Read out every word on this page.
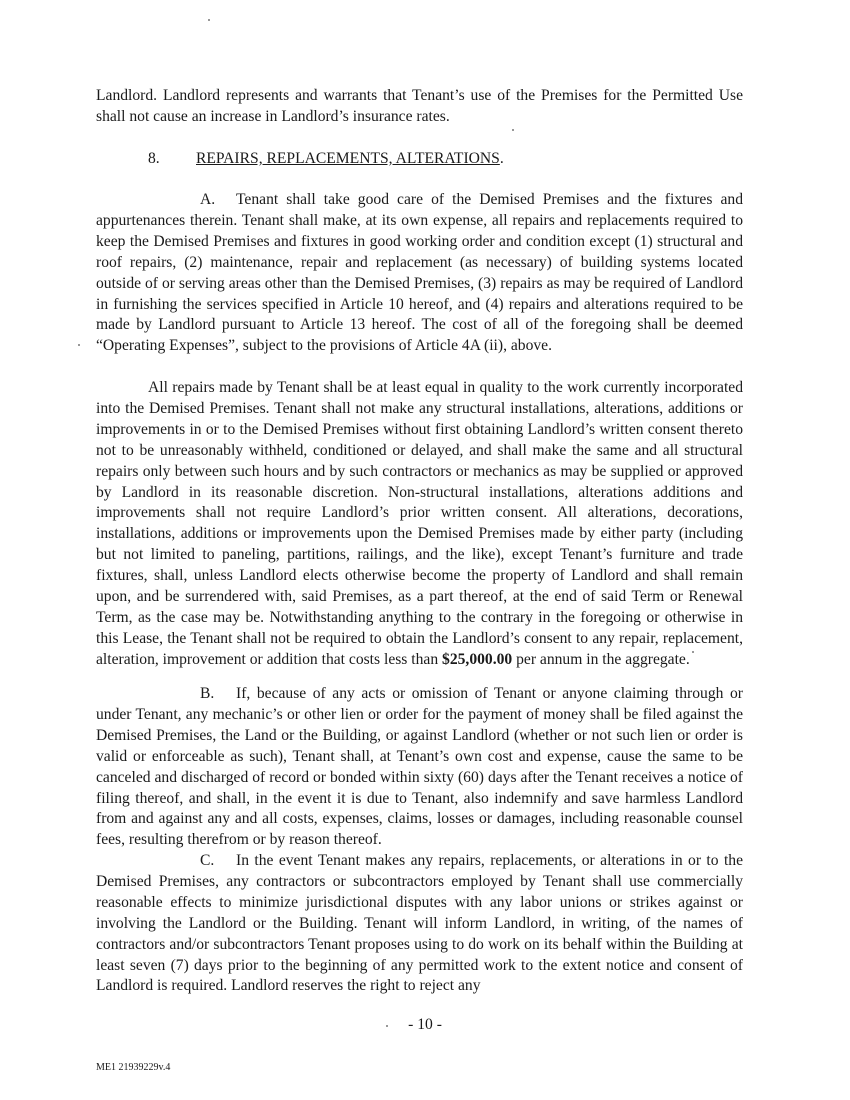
Landlord. Landlord represents and warrants that Tenant’s use of the Premises for the Permitted Use shall not cause an increase in Landlord’s insurance rates.

8. REPAIRS, REPLACEMENTS, ALTERATIONS.

A. Tenant shall take good care of the Demised Premises and the fixtures and appurtenances therein. Tenant shall make, at its own expense, all repairs and replacements required to keep the Demised Premises and fixtures in good working order and condition except (1) structural and roof repairs, (2) maintenance, repair and replacement (as necessary) of building systems located outside of or serving areas other than the Demised Premises, (3) repairs as may be required of Landlord in furnishing the services specified in Article 10 hereof, and (4) repairs and alterations required to be made by Landlord pursuant to Article 13 hereof. The cost of all of the foregoing shall be deemed “Operating Expenses”, subject to the provisions of Article 4A (ii), above.

All repairs made by Tenant shall be at least equal in quality to the work currently incorporated into the Demised Premises. Tenant shall not make any structural installations, alterations, additions or improvements in or to the Demised Premises without first obtaining Landlord’s written consent thereto not to be unreasonably withheld, conditioned or delayed, and shall make the same and all structural repairs only between such hours and by such contractors or mechanics as may be supplied or approved by Landlord in its reasonable discretion. Non-structural installations, alterations additions and improvements shall not require Landlord’s prior written consent. All alterations, decorations, installations, additions or improvements upon the Demised Premises made by either party (including but not limited to paneling, partitions, railings, and the like), except Tenant’s furniture and trade fixtures, shall, unless Landlord elects otherwise become the property of Landlord and shall remain upon, and be surrendered with, said Premises, as a part thereof, at the end of said Term or Renewal Term, as the case may be. Notwithstanding anything to the contrary in the foregoing or otherwise in this Lease, the Tenant shall not be required to obtain the Landlord’s consent to any repair, replacement, alteration, improvement or addition that costs less than $25,000.00 per annum in the aggregate.

B. If, because of any acts or omission of Tenant or anyone claiming through or under Tenant, any mechanic’s or other lien or order for the payment of money shall be filed against the Demised Premises, the Land or the Building, or against Landlord (whether or not such lien or order is valid or enforceable as such), Tenant shall, at Tenant’s own cost and expense, cause the same to be canceled and discharged of record or bonded within sixty (60) days after the Tenant receives a notice of filing thereof, and shall, in the event it is due to Tenant, also indemnify and save harmless Landlord from and against any and all costs, expenses, claims, losses or damages, including reasonable counsel fees, resulting therefrom or by reason thereof.

C. In the event Tenant makes any repairs, replacements, or alterations in or to the Demised Premises, any contractors or subcontractors employed by Tenant shall use commercially reasonable effects to minimize jurisdictional disputes with any labor unions or strikes against or involving the Landlord or the Building. Tenant will inform Landlord, in writing, of the names of contractors and/or subcontractors Tenant proposes using to do work on its behalf within the Building at least seven (7) days prior to the beginning of any permitted work to the extent notice and consent of Landlord is required. Landlord reserves the right to reject any

- 10 -
ME1 21939229v.4
